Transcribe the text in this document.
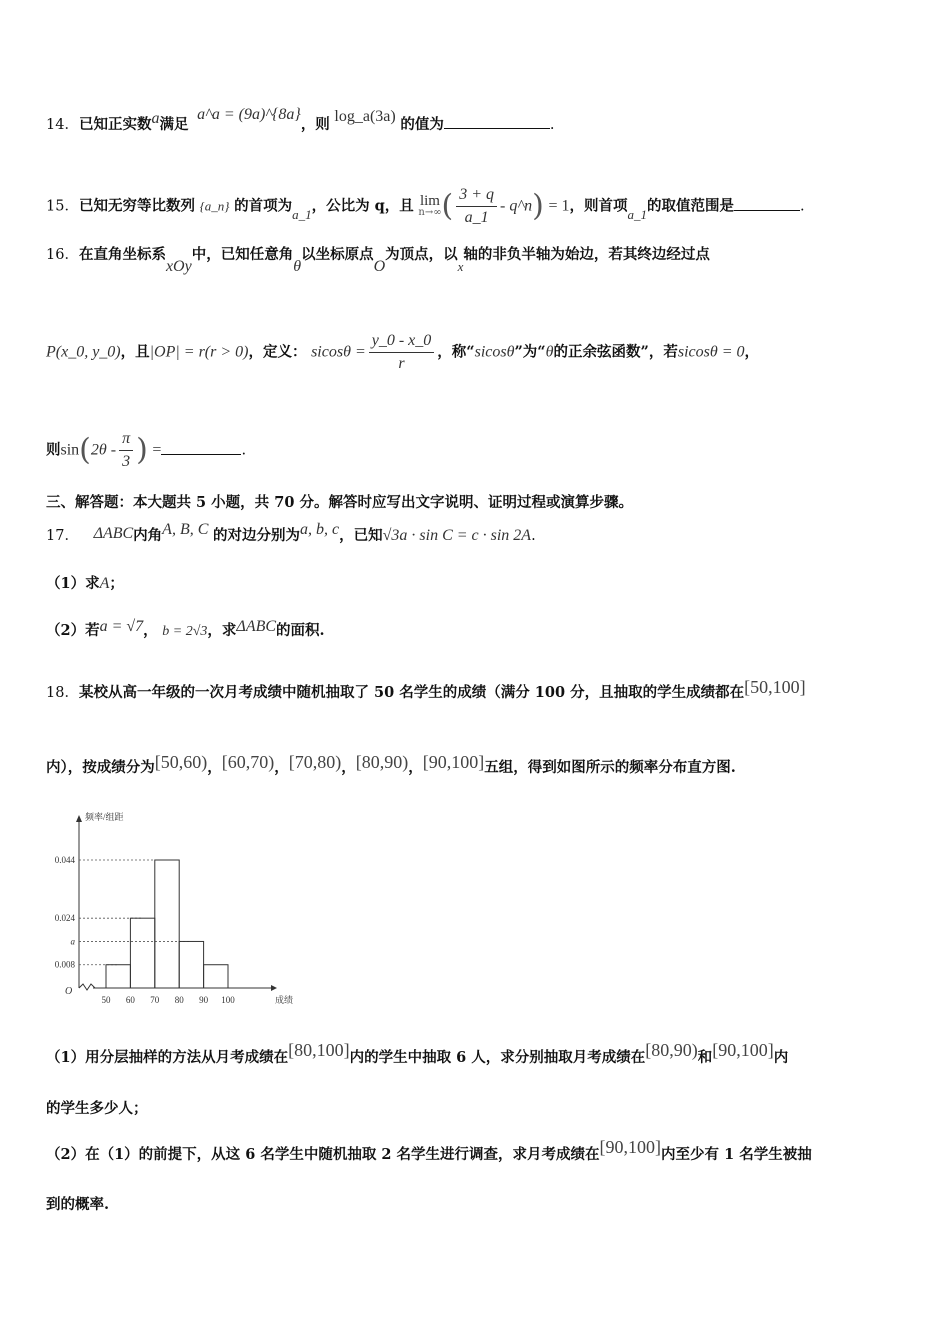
14．已知正实数a满足 a^a = (9a)^{8a}，则 log_a(3a) 的值为	.
15．已知无穷等比数列 {a_n} 的首项为a_1，公比为 q，且 lim
n→∞ ( $\frac{3 + q}{a\_1}$ - q^n) = 1，则首项a_1的取值范围是	.
16．在直角坐标系xOy中，已知任意角θ以坐标原点O为顶点，以x轴的非负半轴为始边，若其终边经过点
P(x_0, y_0)，且|OP| = r(r > 0)，定义： $sicos\theta = \frac{y\_0 - x\_0}{r}$ ，称“sicosθ”为“θ的正余弦函数”，若sicosθ = 0，
则$\sin(2\theta - \frac{\pi}{3}$ ) =	.
三、解答题：本大题共 5 小题，共 70 分。解答时应写出文字说明、证明过程或演算步骤。
17． ΔABC内角A, B, C 的对边分别为a, b, c，已知√3a · sin C = c · sin 2A.
（1）求A；
（2）若a = √7， b = 2√3，求ΔABC的面积.
18．某校从高一年级的一次月考成绩中随机抽取了 50 名学生的成绩（满分 100 分，且抽取的学生成绩都在[50,100]
内），按成绩分为[50,60)，[60,70)，[70,80)，[80,90)，[90,100]五组，得到如图所示的频率分布直方图.
频率/组距
成绩
O
0.044
0.024
a
0.008
50 60 70 80 90 100
（1）用分层抽样的方法从月考成绩在[80,100]内的学生中抽取 6 人，求分别抽取月考成绩在[80,90)和[90,100]内
的学生多少人；
（2）在（1）的前提下，从这 6 名学生中随机抽取 2 名学生进行调查，求月考成绩在[90,100]内至少有 1 名学生被抽
到的概率.
